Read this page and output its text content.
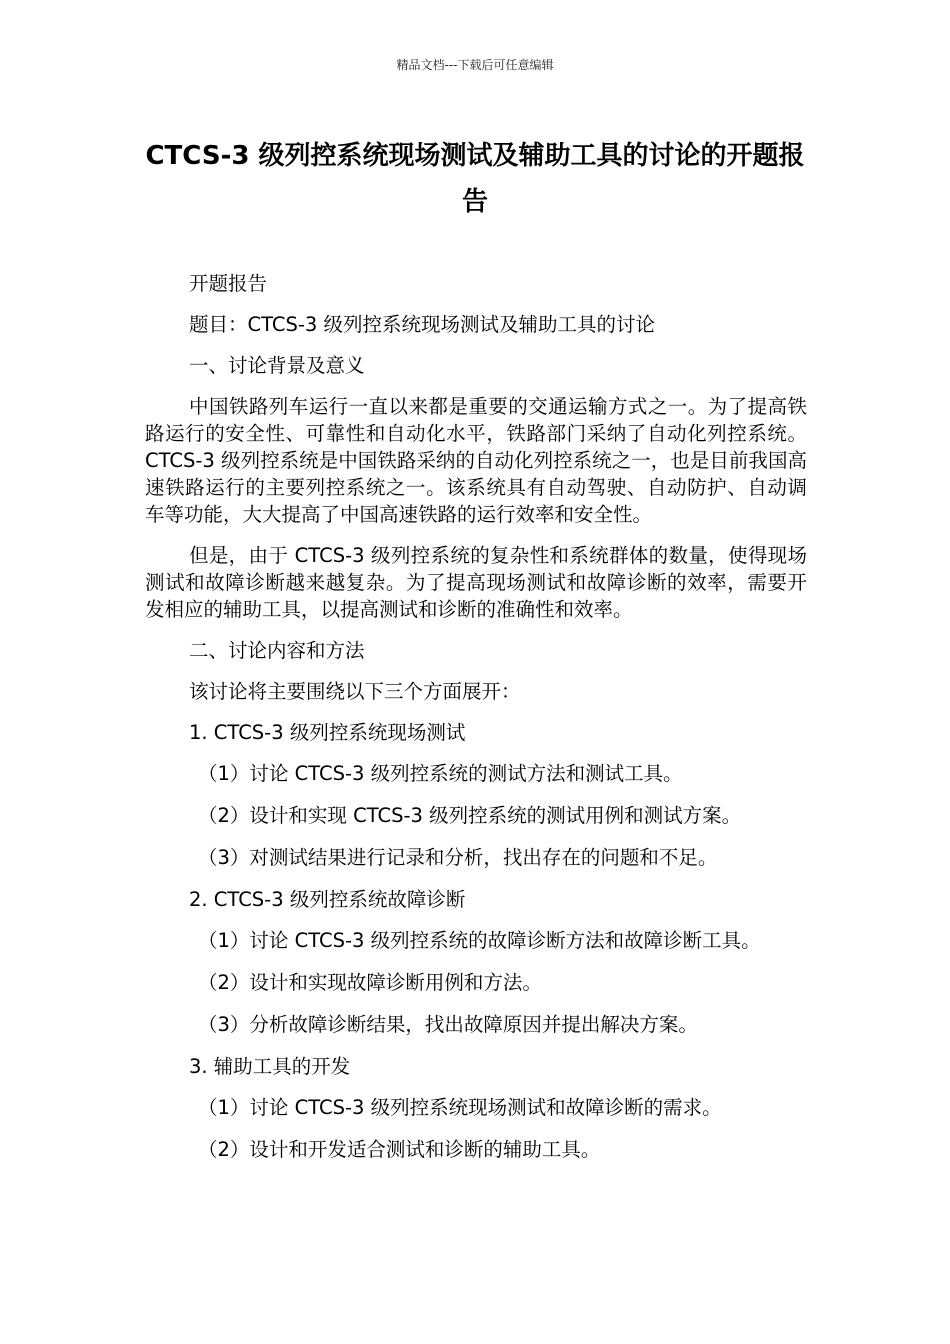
精品文档---下载后可任意编辑
CTCS-3 级列控系统现场测试及辅助工具的讨论的开题报告

开题报告

题目：CTCS-3 级列控系统现场测试及辅助工具的讨论

一、讨论背景及意义

中国铁路列车运行一直以来都是重要的交通运输方式之一。为了提高铁路运行的安全性、可靠性和自动化水平，铁路部门采纳了自动化列控系统。CTCS-3 级列控系统是中国铁路采纳的自动化列控系统之一，也是目前我国高速铁路运行的主要列控系统之一。该系统具有自动驾驶、自动防护、自动调车等功能，大大提高了中国高速铁路的运行效率和安全性。

但是，由于 CTCS-3 级列控系统的复杂性和系统群体的数量，使得现场测试和故障诊断越来越复杂。为了提高现场测试和故障诊断的效率，需要开发相应的辅助工具，以提高测试和诊断的准确性和效率。

二、讨论内容和方法

该讨论将主要围绕以下三个方面展开：

1. CTCS-3 级列控系统现场测试

（1）讨论 CTCS-3 级列控系统的测试方法和测试工具。

（2）设计和实现 CTCS-3 级列控系统的测试用例和测试方案。

（3）对测试结果进行记录和分析，找出存在的问题和不足。

2. CTCS-3 级列控系统故障诊断

（1）讨论 CTCS-3 级列控系统的故障诊断方法和故障诊断工具。

（2）设计和实现故障诊断用例和方法。

（3）分析故障诊断结果，找出故障原因并提出解决方案。

3. 辅助工具的开发

（1）讨论 CTCS-3 级列控系统现场测试和故障诊断的需求。

（2）设计和开发适合测试和诊断的辅助工具。
